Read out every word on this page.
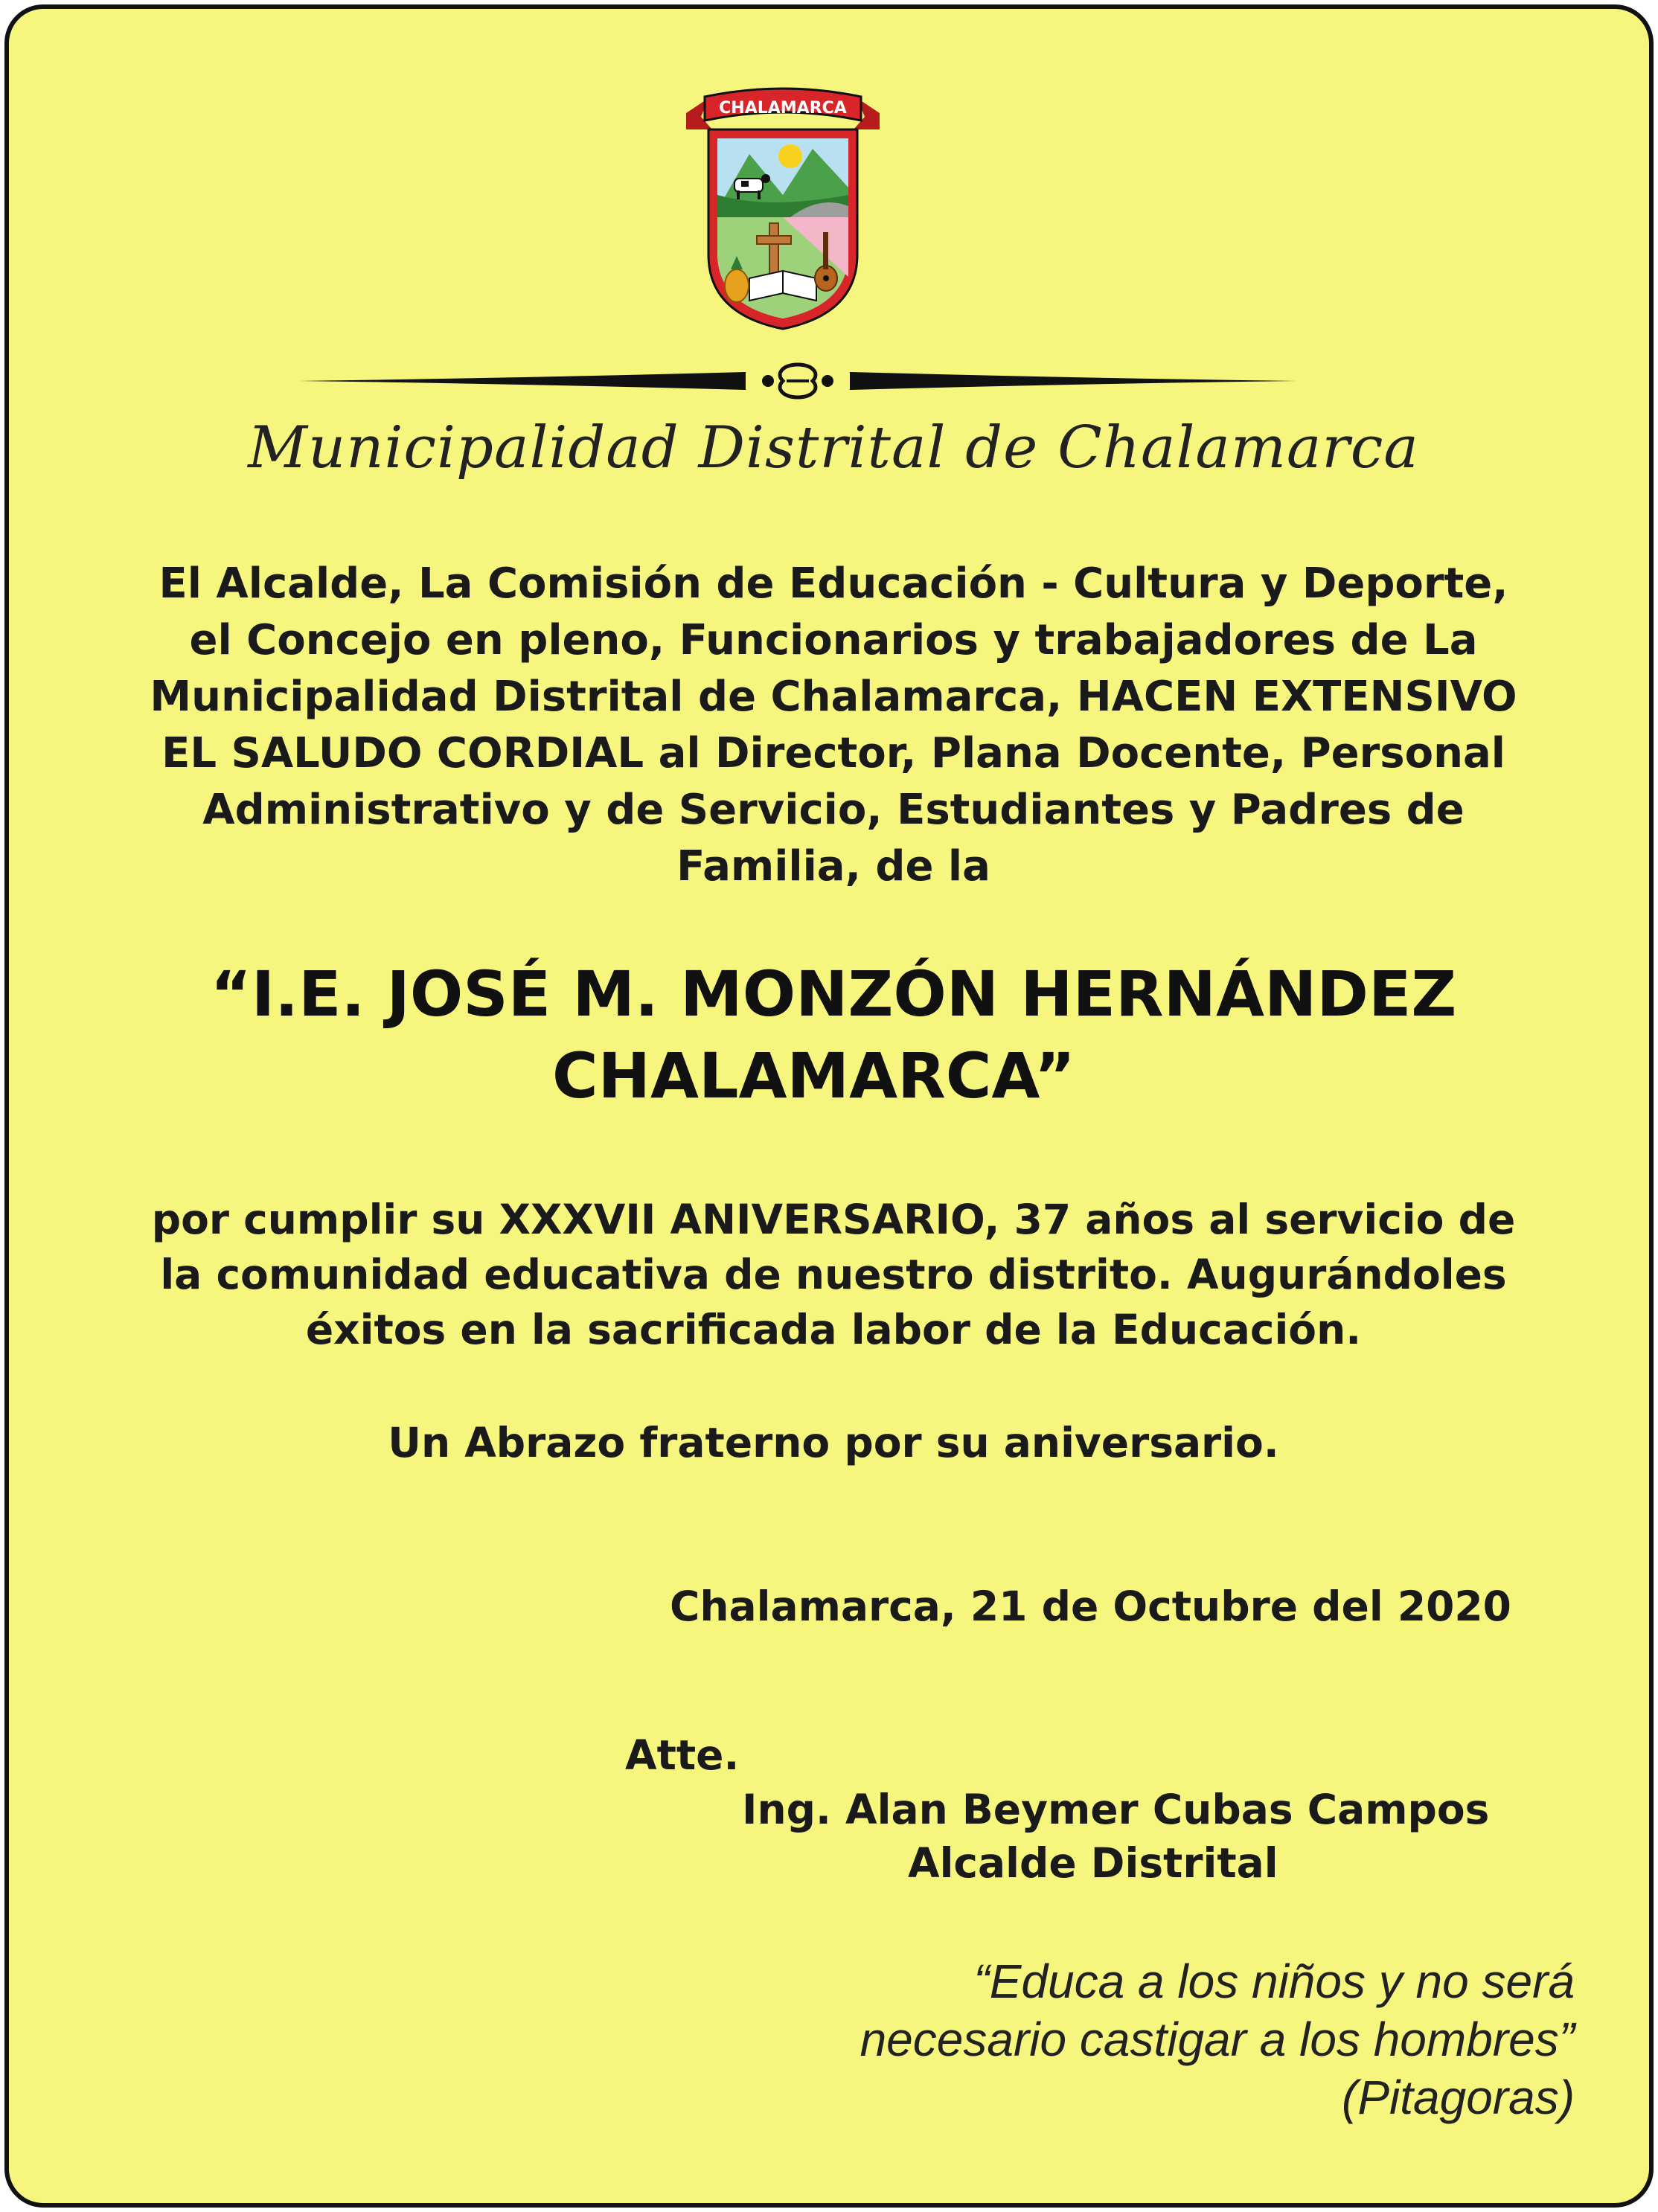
CHALAMARCA
Municipalidad Distrital de Chalamarca
El Alcalde, La Comisión de Educación - Cultura y Deporte,
el Concejo en pleno, Funcionarios y trabajadores de La
Municipalidad Distrital de Chalamarca, HACEN EXTENSIVO
EL SALUDO CORDIAL al Director, Plana Docente, Personal
Administrativo y de Servicio, Estudiantes y Padres de
Familia, de la
“I.E. JOSÉ M. MONZÓN HERNÁNDEZ
CHALAMARCA”
por cumplir su XXXVII ANIVERSARIO, 37 años al servicio de
la comunidad educativa de nuestro distrito. Augurándoles
éxitos en la sacrificada labor de la Educación.
Un Abrazo fraterno por su aniversario.
Chalamarca, 21 de Octubre del 2020
Atte.
Ing. Alan Beymer Cubas Campos
Alcalde Distrital
“Educa a los niños y no será
necesario castigar a los hombres”
(Pitagoras)
